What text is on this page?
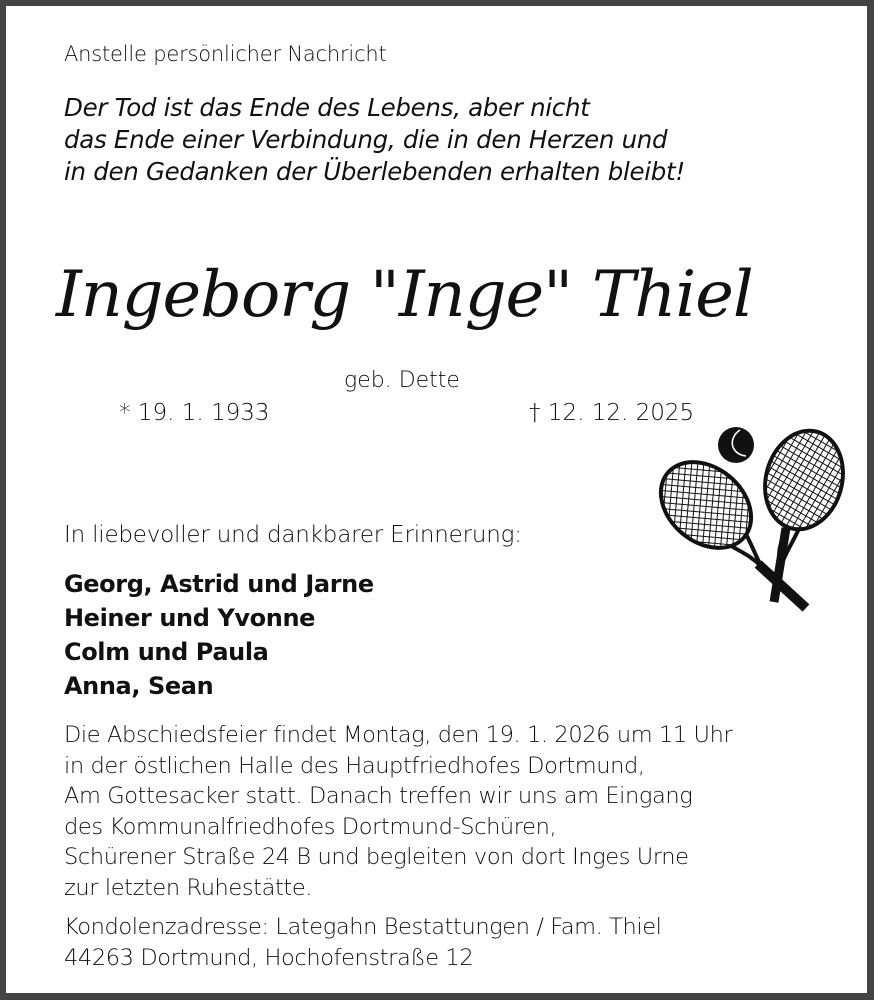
Anstelle persönlicher Nachricht
Der Tod ist das Ende des Lebens, aber nicht
das Ende einer Verbindung, die in den Herzen und
in den Gedanken der Überlebenden erhalten bleibt!
Ingeborg "Inge" Thiel
geb. Dette
* 19. 1. 1933	† 12. 12. 2025
In liebevoller und dankbarer Erinnerung:
Georg, Astrid und Jarne
Heiner und Yvonne
Colm und Paula
Anna, Sean
Die Abschiedsfeier findet Montag, den 19. 1. 2026 um 11 Uhr
in der östlichen Halle des Hauptfriedhofes Dortmund,
Am Gottesacker statt. Danach treffen wir uns am Eingang
des Kommunalfriedhofes Dortmund-Schüren,
Schürener Straße 24 B und begleiten von dort Inges Urne
zur letzten Ruhestätte.
Kondolenzadresse: Lategahn Bestattungen / Fam. Thiel
44263 Dortmund, Hochofenstraße 12
